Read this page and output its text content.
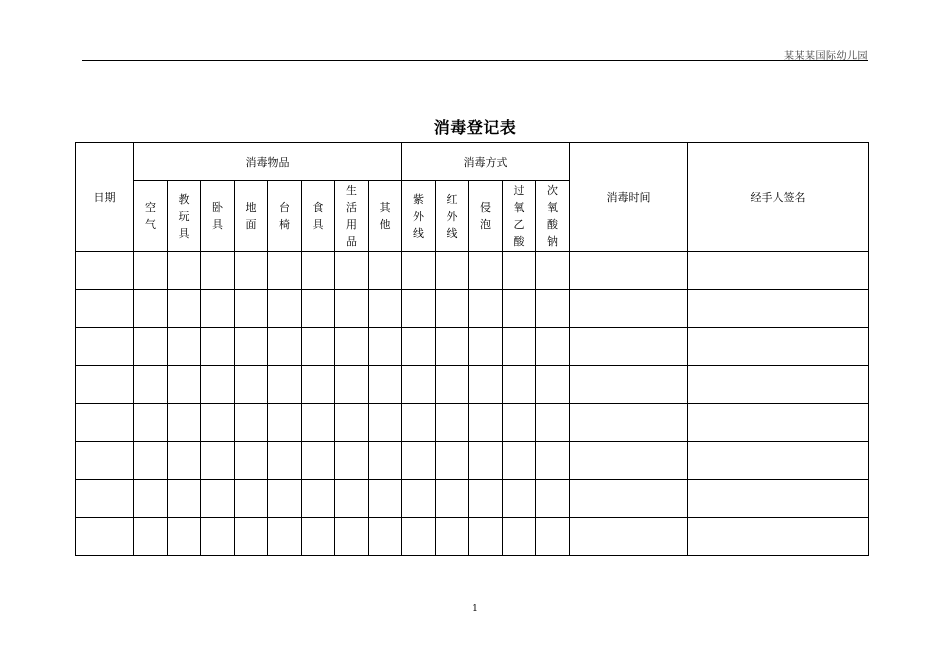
某某某国际幼儿园
消毒登记表
日期	消毒物品								消毒方式					消毒时间	经手人签名
	空气	教玩具	卧具	地面	台椅	食具	生活用品	其他	紫外线	红外线	侵泡	过氧乙酸	次氧酸钠		

1
